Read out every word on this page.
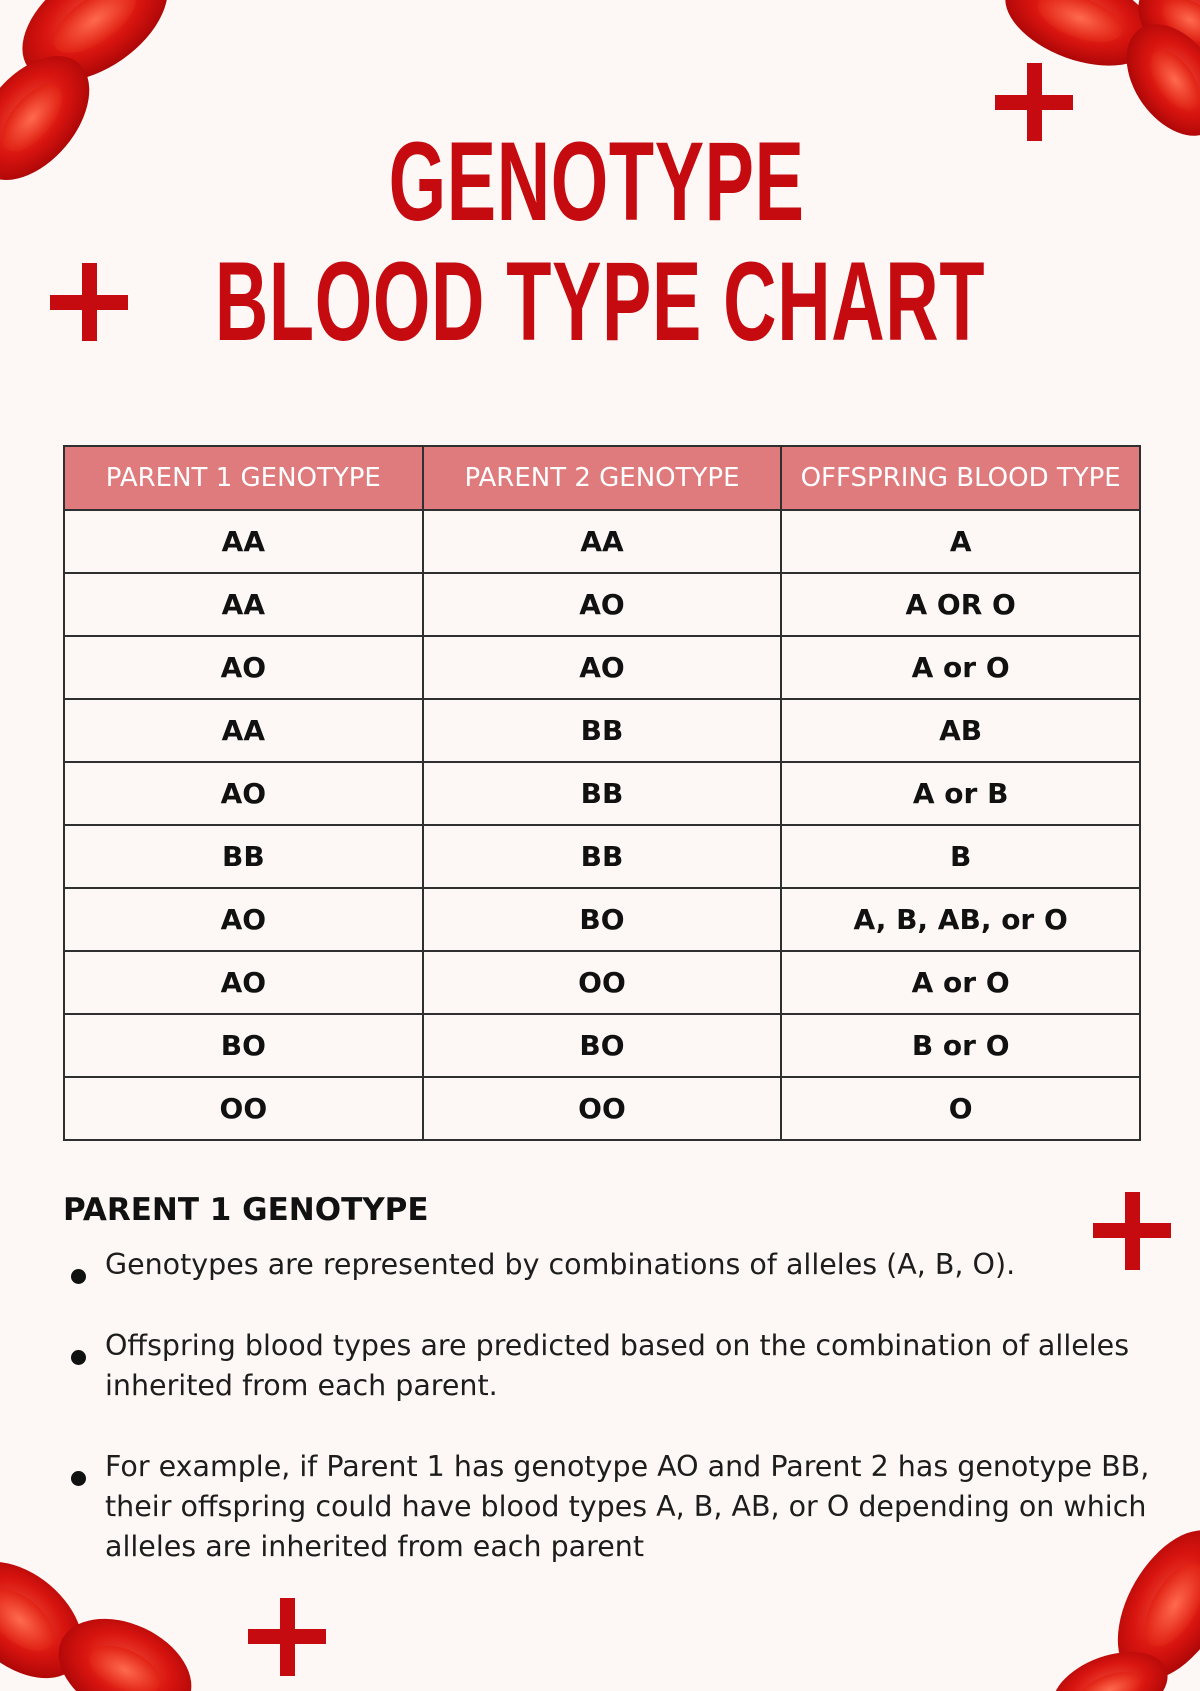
GENOTYPE
BLOOD TYPE CHART
PARENT 1 GENOTYPE	PARENT 2 GENOTYPE	OFFSPRING BLOOD TYPE
AA	AA	A
AA	AO	A OR O
AO	AO	A or O
AA	BB	AB
AO	BB	A or B
BB	BB	B
AO	BO	A, B, AB, or O
AO	OO	A or O
BO	BO	B or O
OO	OO	O
PARENT 1 GENOTYPE
Genotypes are represented by combinations of alleles (A, B, O).
Offspring blood types are predicted based on the combination of alleles inherited from each parent.
For example, if Parent 1 has genotype AO and Parent 2 has genotype BB, their offspring could have blood types A, B, AB, or O depending on which alleles are inherited from each parent
